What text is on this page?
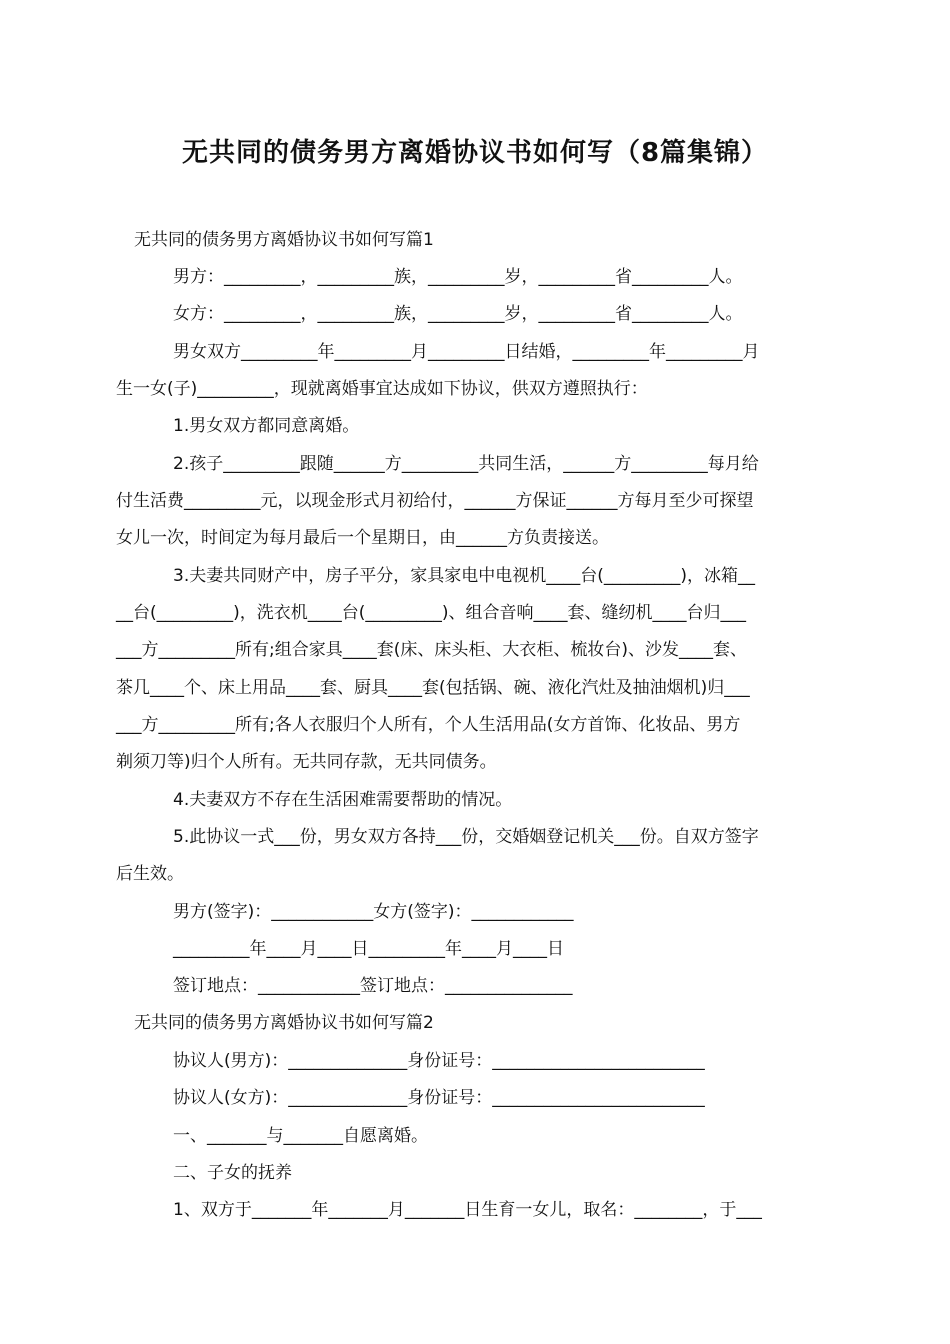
无共同的债务男方离婚协议书如何写（8篇集锦）
无共同的债务男方离婚协议书如何写篇1
男方：_________，_________族，_________岁，_________省_________人。
女方：_________，_________族，_________岁，_________省_________人。
男女双方_________年_________月_________日结婚，_________年_________月
生一女(子)_________，现就离婚事宜达成如下协议，供双方遵照执行：
1.男女双方都同意离婚。
2.孩子_________跟随______方_________共同生活，______方_________每月给
付生活费_________元，以现金形式月初给付，______方保证______方每月至少可探望
女儿一次，时间定为每月最后一个星期日，由______方负责接送。
3.夫妻共同财产中，房子平分，家具家电中电视机____台(_________)，冰箱__
__台(_________)，洗衣机____台(_________)、组合音响____套、缝纫机____台归___
___方_________所有;组合家具____套(床、床头柜、大衣柜、梳妆台)、沙发____套、
茶几____个、床上用品____套、厨具____套(包括锅、碗、液化汽灶及抽油烟机)归___
___方_________所有;各人衣服归个人所有，个人生活用品(女方首饰、化妆品、男方
剃须刀等)归个人所有。无共同存款，无共同债务。
4.夫妻双方不存在生活困难需要帮助的情况。
5.此协议一式___份，男女双方各持___份，交婚姻登记机关___份。自双方签字
后生效。
男方(签字)：____________女方(签字)：____________
_________年____月____日_________年____月____日
签订地点：____________签订地点：_______________
无共同的债务男方离婚协议书如何写篇2
协议人(男方)：______________身份证号：_________________________
协议人(女方)：______________身份证号：_________________________
一、_______与_______自愿离婚。
二、子女的抚养
1、双方于_______年_______月_______日生育一女儿，取名：________，于___
